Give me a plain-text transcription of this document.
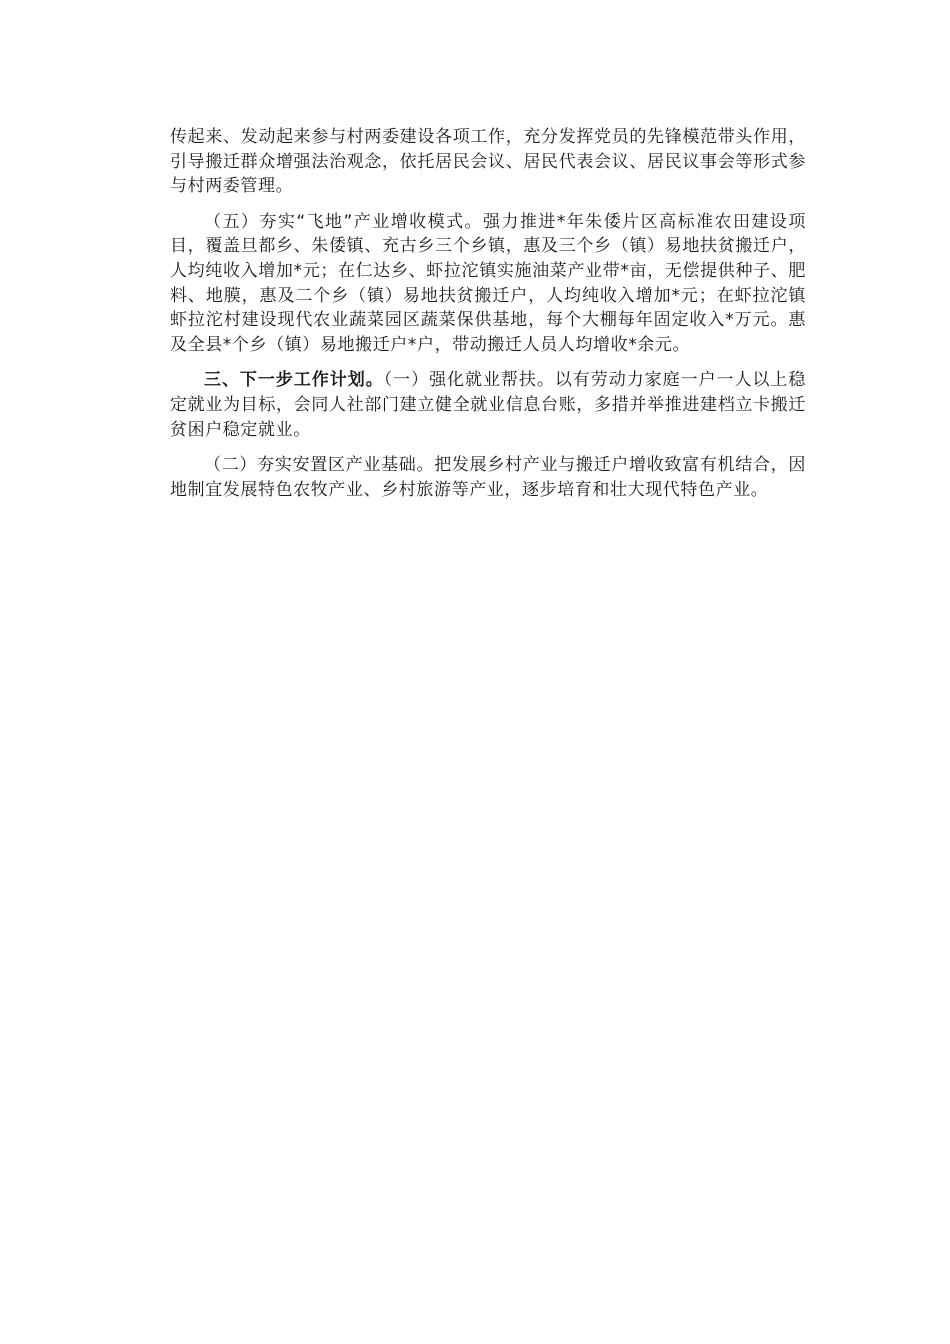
传起来、发动起来参与村两委建设各项工作，充分发挥党员的先锋模范带头作用，引导搬迁群众增强法治观念，依托居民会议、居民代表会议、居民议事会等形式参与村两委管理。

（五）夯实“飞地”产业增收模式。强力推进*年朱倭片区高标准农田建设项目，覆盖旦都乡、朱倭镇、充古乡三个乡镇，惠及三个乡（镇）易地扶贫搬迁户，人均纯收入增加*元；在仁达乡、虾拉沱镇实施油菜产业带*亩，无偿提供种子、肥料、地膜，惠及二个乡（镇）易地扶贫搬迁户，人均纯收入增加*元；在虾拉沱镇虾拉沱村建设现代农业蔬菜园区蔬菜保供基地，每个大棚每年固定收入*万元。惠及全县*个乡（镇）易地搬迁户*户，带动搬迁人员人均增收*余元。

三、下一步工作计划。（一）强化就业帮扶。以有劳动力家庭一户一人以上稳定就业为目标，会同人社部门建立健全就业信息台账，多措并举推进建档立卡搬迁贫困户稳定就业。

（二）夯实安置区产业基础。把发展乡村产业与搬迁户增收致富有机结合，因地制宜发展特色农牧产业、乡村旅游等产业，逐步培育和壮大现代特色产业。
